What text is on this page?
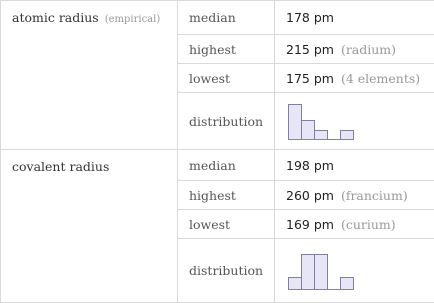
atomic radius (empirical)	median	178 pm
	highest	215 pm (radium)
	lowest	175 pm (4 elements)
	distribution	

covalent radius	median	198 pm
	highest	260 pm (francium)
	lowest	169 pm (curium)
	distribution	
